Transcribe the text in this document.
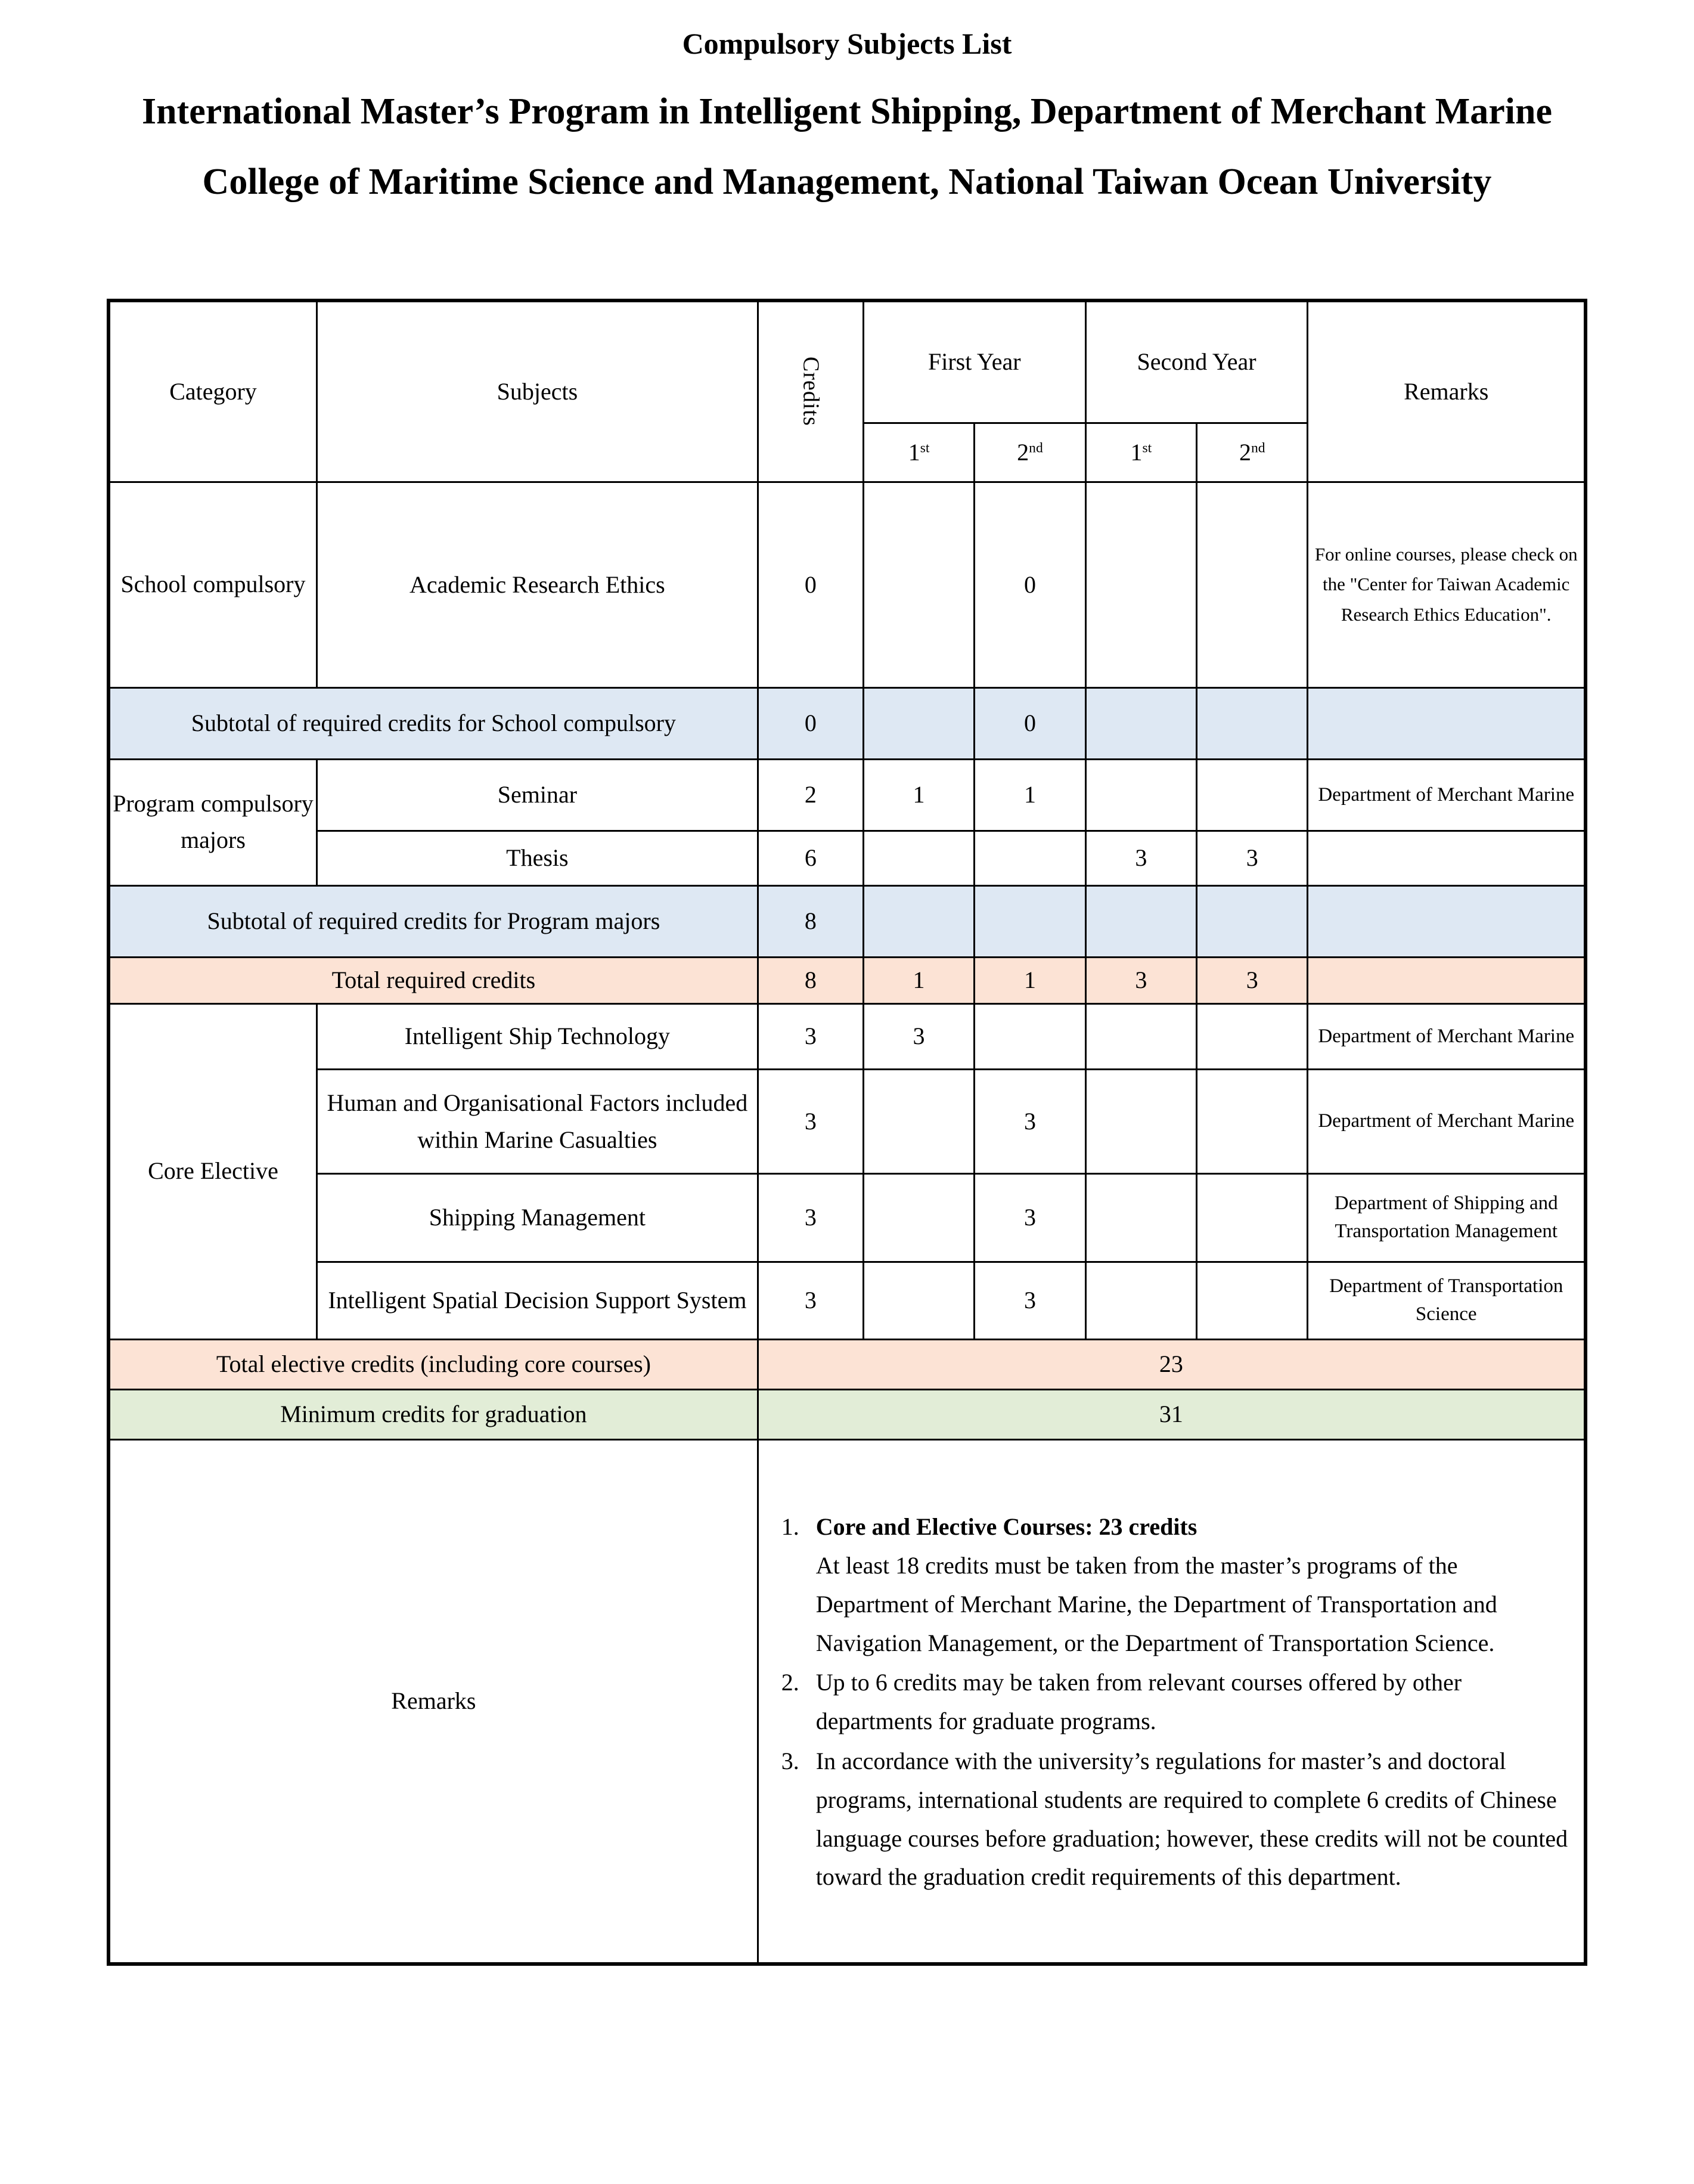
Compulsory Subjects List
International Master’s Program in Intelligent Shipping, Department of Merchant Marine
College of Maritime Science and Management, National Taiwan Ocean University
Category	Subjects	Credits	First Year		Second Year		Remarks
			1st	2nd	1st	2nd
School compulsory	Academic Research Ethics	0		0			For online courses, please check on the "Center for Taiwan Academic Research Ethics Education".

Subtotal of required credits for School compulsory		0		0			
Program compulsory majors	Seminar	2	1	1			Department of Merchant Marine

	Thesis	6			3	3	

Subtotal of required credits for Program majors		8					
Total required credits		8	1	1	3	3	
Core Elective	Intelligent Ship Technology	3	3				Department of Merchant Marine

	Human and Organisational Factors included within Marine Casualties	3		3			Department of Merchant Marine

	Shipping Management	3		3			Department of Shipping and Transportation Management

	Intelligent Spatial Decision Support System	3		3			Department of Transportation Science

Total elective credits (including core courses)		23					
Minimum credits for graduation		31					
Remarks	
1. Core and Elective Courses: 23 credits
At least 18 credits must be taken from the master’s programs of the Department of Merchant Marine, the Department of Transportation and Navigation Management, or the Department of Transportation Science.
2. Up to 6 credits may be taken from relevant courses offered by other departments for graduate programs.
3. In accordance with the university’s regulations for master’s and doctoral programs, international students are required to complete 6 credits of Chinese language courses before graduation; however, these credits will not be counted toward the graduation credit requirements of this department.
